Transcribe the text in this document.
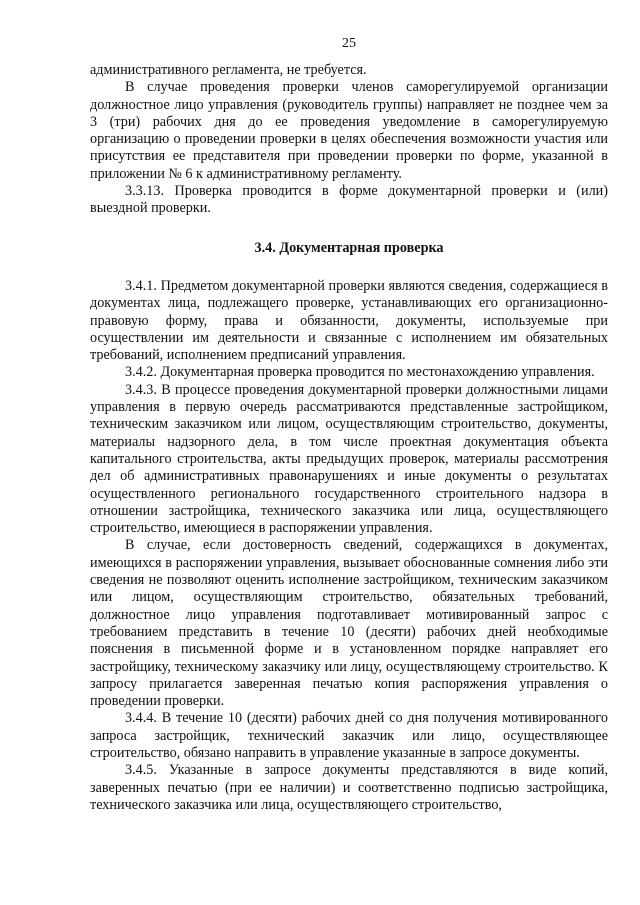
25

административного регламента, не требуется.

В случае проведения проверки членов саморегулируемой организации должностное лицо управления (руководитель группы) направляет не позднее чем за 3 (три) рабочих дня до ее проведения уведомление в саморегулируемую организацию о проведении проверки в целях обеспечения возможности участия или присутствия ее представителя при проведении проверки по форме, указанной в приложении № 6 к административному регламенту.

3.3.13. Проверка проводится в форме документарной проверки и (или) выездной проверки.

3.4. Документарная проверка

3.4.1. Предметом документарной проверки являются сведения, содержащиеся в документах лица, подлежащего проверке, устанавливающих его организационно-правовую форму, права и обязанности, документы, используемые при осуществлении им деятельности и связанные с исполнением им обязательных требований, исполнением предписаний управления.

3.4.2. Документарная проверка проводится по местонахождению управления.

3.4.3. В процессе проведения документарной проверки должностными лицами управления в первую очередь рассматриваются представленные застройщиком, техническим заказчиком или лицом, осуществляющим строительство, документы, материалы надзорного дела, в том числе проектная документация объекта капитального строительства, акты предыдущих проверок, материалы рассмотрения дел об административных правонарушениях и иные документы о результатах осуществленного регионального государственного строительного надзора в отношении застройщика, технического заказчика или лица, осуществляющего строительство, имеющиеся в распоряжении управления.

В случае, если достоверность сведений, содержащихся в документах, имеющихся в распоряжении управления, вызывает обоснованные сомнения либо эти сведения не позволяют оценить исполнение застройщиком, техническим заказчиком или лицом, осуществляющим строительство, обязательных требований, должностное лицо управления подготавливает мотивированный запрос с требованием представить в течение 10 (десяти) рабочих дней необходимые пояснения в письменной форме и в установленном порядке направляет его застройщику, техническому заказчику или лицу, осуществляющему строительство. К запросу прилагается заверенная печатью копия распоряжения управления о проведении проверки.

3.4.4. В течение 10 (десяти) рабочих дней со дня получения мотивированного запроса застройщик, технический заказчик или лицо, осуществляющее строительство, обязано направить в управление указанные в запросе документы.

3.4.5. Указанные в запросе документы представляются в виде копий, заверенных печатью (при ее наличии) и соответственно подписью застройщика, технического заказчика или лица, осуществляющего строительство,
